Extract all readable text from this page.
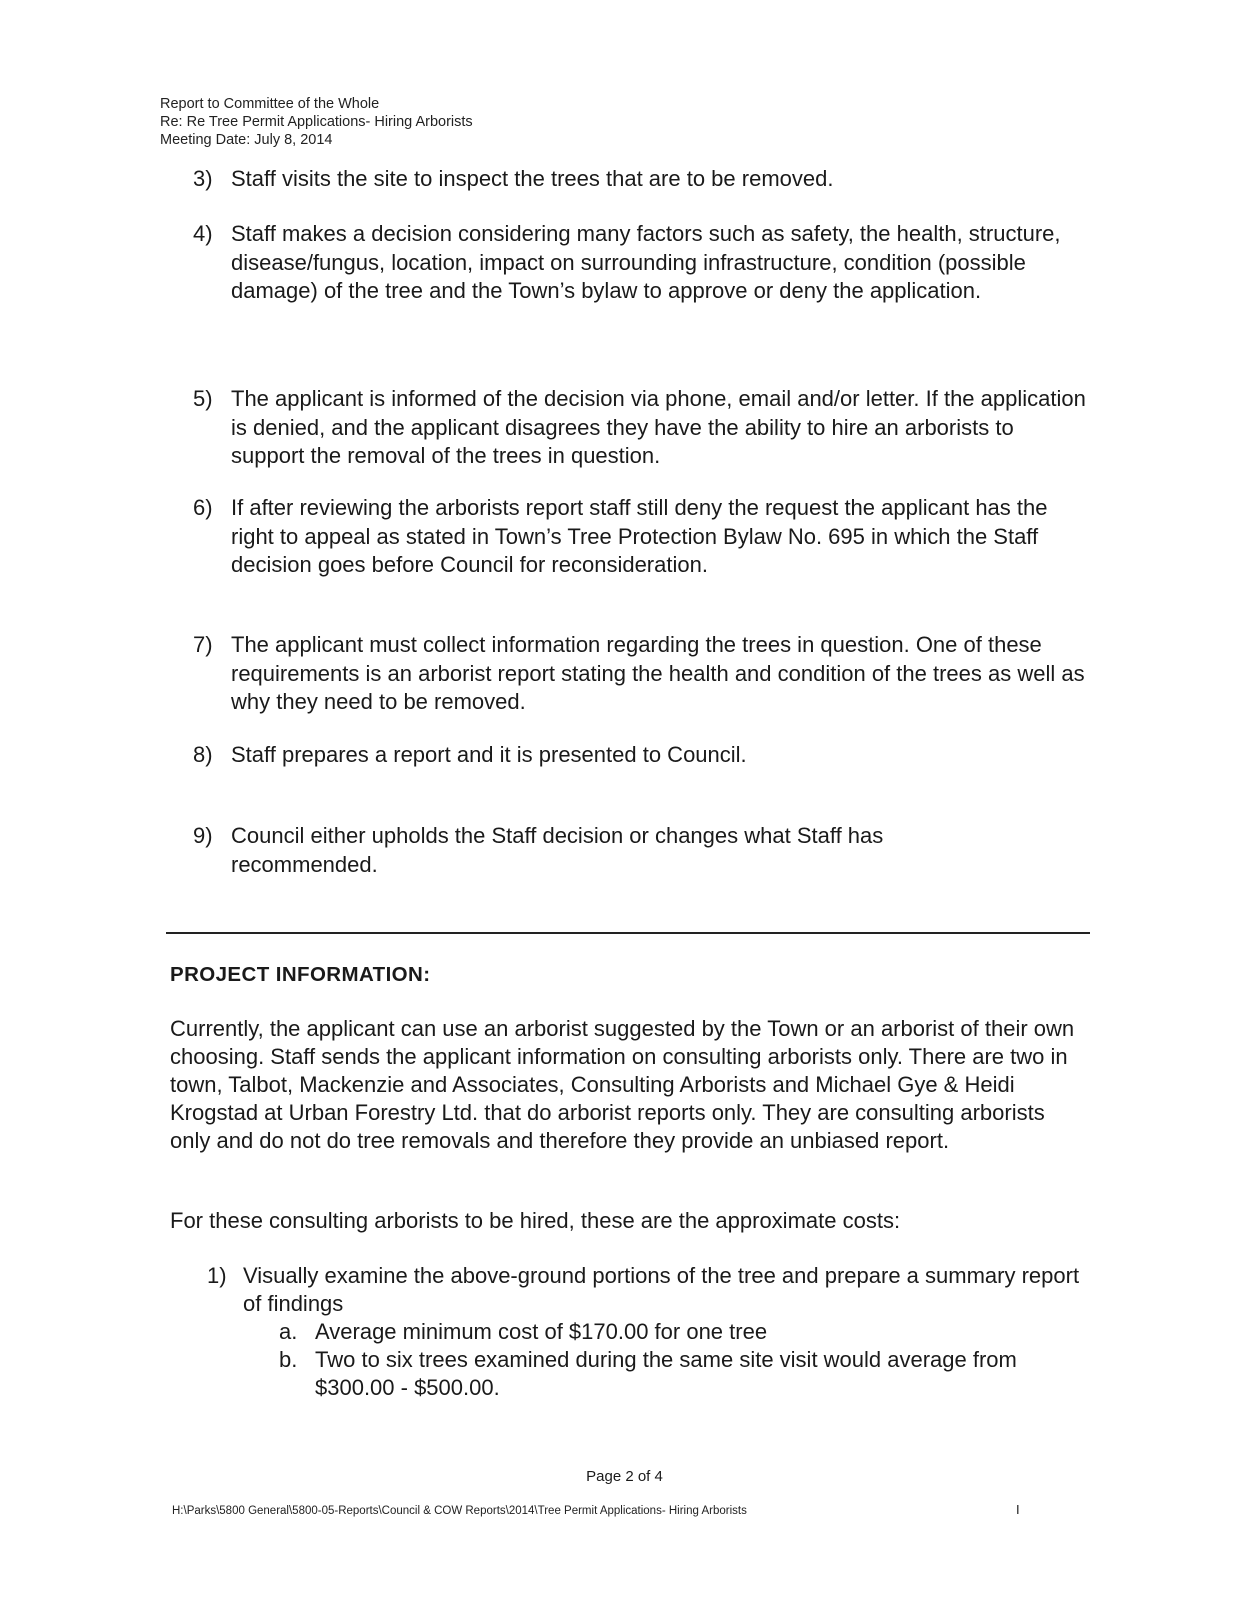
Report to Committee of the Whole
Re: Re Tree Permit Applications- Hiring Arborists
Meeting Date: July 8, 2014
3) Staff visits the site to inspect the trees that are to be removed.
4) Staff makes a decision considering many factors such as safety, the health, structure, disease/fungus, location, impact on surrounding infrastructure, condition (possible damage) of the tree and the Town’s bylaw to approve or deny the application.
5) The applicant is informed of the decision via phone, email and/or letter. If the application is denied, and the applicant disagrees they have the ability to hire an arborists to support the removal of the trees in question.
6) If after reviewing the arborists report staff still deny the request the applicant has the right to appeal as stated in Town’s Tree Protection Bylaw No. 695 in which the Staff decision goes before Council for reconsideration.
7) The applicant must collect information regarding the trees in question. One of these requirements is an arborist report stating the health and condition of the trees as well as why they need to be removed.
8) Staff prepares a report and it is presented to Council.
9) Council either upholds the Staff decision or changes what Staff has recommended.
PROJECT INFORMATION:
Currently, the applicant can use an arborist suggested by the Town or an arborist of their own choosing. Staff sends the applicant information on consulting arborists only. There are two in town, Talbot, Mackenzie and Associates, Consulting Arborists and Michael Gye & Heidi Krogstad at Urban Forestry Ltd. that do arborist reports only. They are consulting arborists only and do not do tree removals and therefore they provide an unbiased report.
For these consulting arborists to be hired, these are the approximate costs:
1) Visually examine the above-ground portions of the tree and prepare a summary report of findings
a. Average minimum cost of $170.00 for one tree
b. Two to six trees examined during the same site visit would average from $300.00 - $500.00.
Page 2 of 4
H:\Parks\5800 General\5800-05-Reports\Council & COW Reports\2014\Tree Permit Applications- Hiring Arborists	I
